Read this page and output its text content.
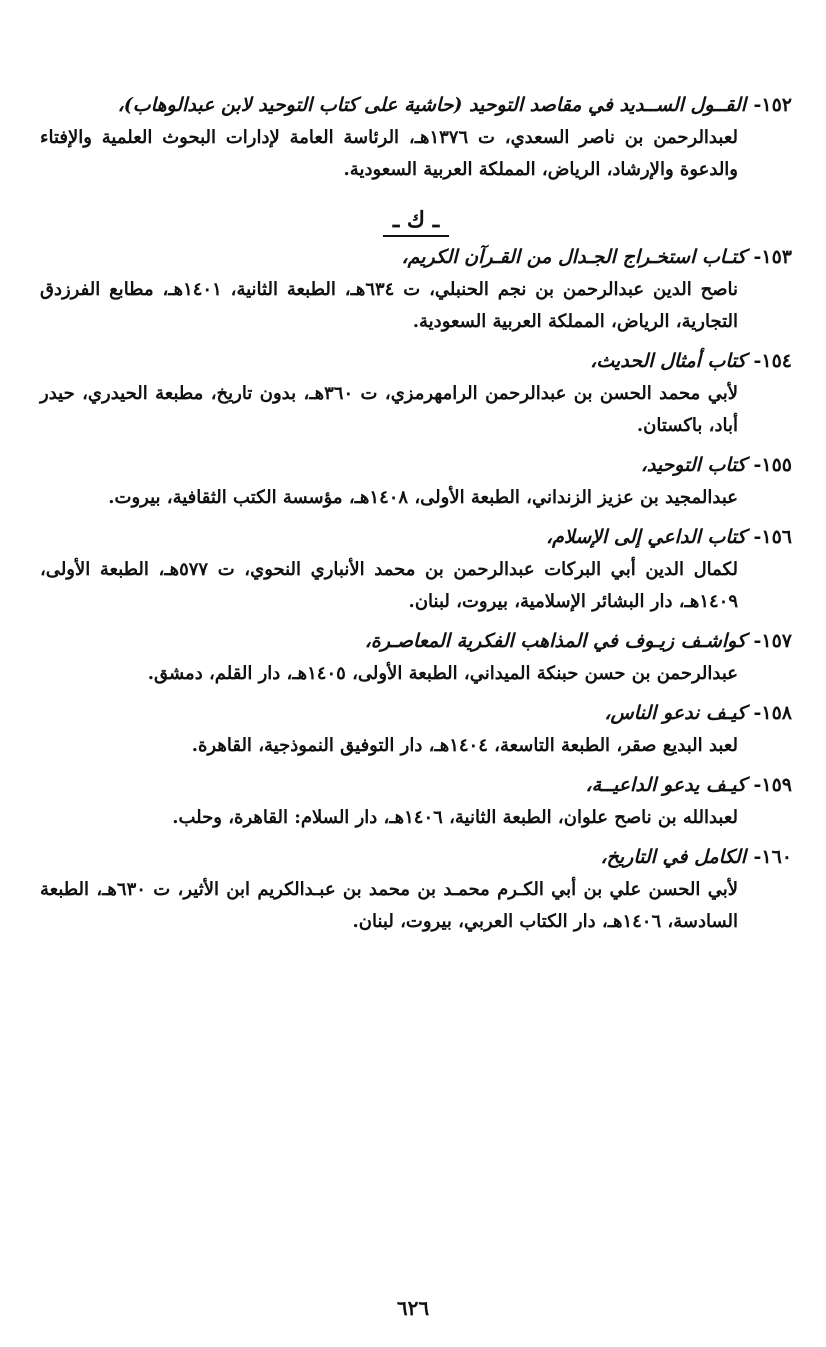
١٥٢-القــول الســديد في مقاصد التوحيد (حاشية على كتاب التوحيد لابن عبدالوهاب)،
لعبدالرحمن بن ناصر السعدي، ت ١٣٧٦هـ، الرئاسة العامة لإدارات البحوث العلمية والإفتاء والدعوة والإرشاد، الرياض، المملكة العربية السعودية.
ـ ك ـ
١٥٣-كتـاب استخـراج الجـدال من القـرآن الكريم،
ناصح الدين عبدالرحمن بن نجم الحنبلي، ت ٦٣٤هـ، الطبعة الثانية، ١٤٠١هـ، مطابع الفرزدق التجارية، الرياض، المملكة العربية السعودية.
١٥٤-كتاب أمثال الحديث،
لأبي محمد الحسن بن عبدالرحمن الرامهرمزي، ت ٣٦٠هـ، بدون تاريخ، مطبعة الحيدري، حيدر أباد، باكستان.
١٥٥-كتاب التوحيد،
عبدالمجيد بن عزيز الزنداني، الطبعة الأولى، ١٤٠٨هـ، مؤسسة الكتب الثقافية، بيروت.
١٥٦-كتاب الداعي إلى الإسلام،
لكمال الدين أبي البركات عبدالرحمن بن محمد الأنباري النحوي، ت ٥٧٧هـ، الطبعة الأولى، ١٤٠٩هـ، دار البشائر الإسلامية، بيروت، لبنان.
١٥٧-كواشـف زيـوف في المذاهب الفكرية المعاصـرة،
عبدالرحمن بن حسن حبنكة الميداني، الطبعة الأولى، ١٤٠٥هـ، دار القلم، دمشق.
١٥٨-كيـف ندعو الناس،
لعبد البديع صقر، الطبعة التاسعة، ١٤٠٤هـ، دار التوفيق النموذجية، القاهرة.
١٥٩-كيـف يدعو الداعيــة،
لعبدالله بن ناصح علوان، الطبعة الثانية، ١٤٠٦هـ، دار السلام: القاهرة، وحلب.
١٦٠-الكامل في التاريخ،
لأبي الحسن علي بن أبي الكـرم محمـد بن محمد بن عبـدالكريم ابن الأثير، ت ٦٣٠هـ، الطبعة السادسة، ١٤٠٦هـ، دار الكتاب العربي، بيروت، لبنان.
٦٢٦
